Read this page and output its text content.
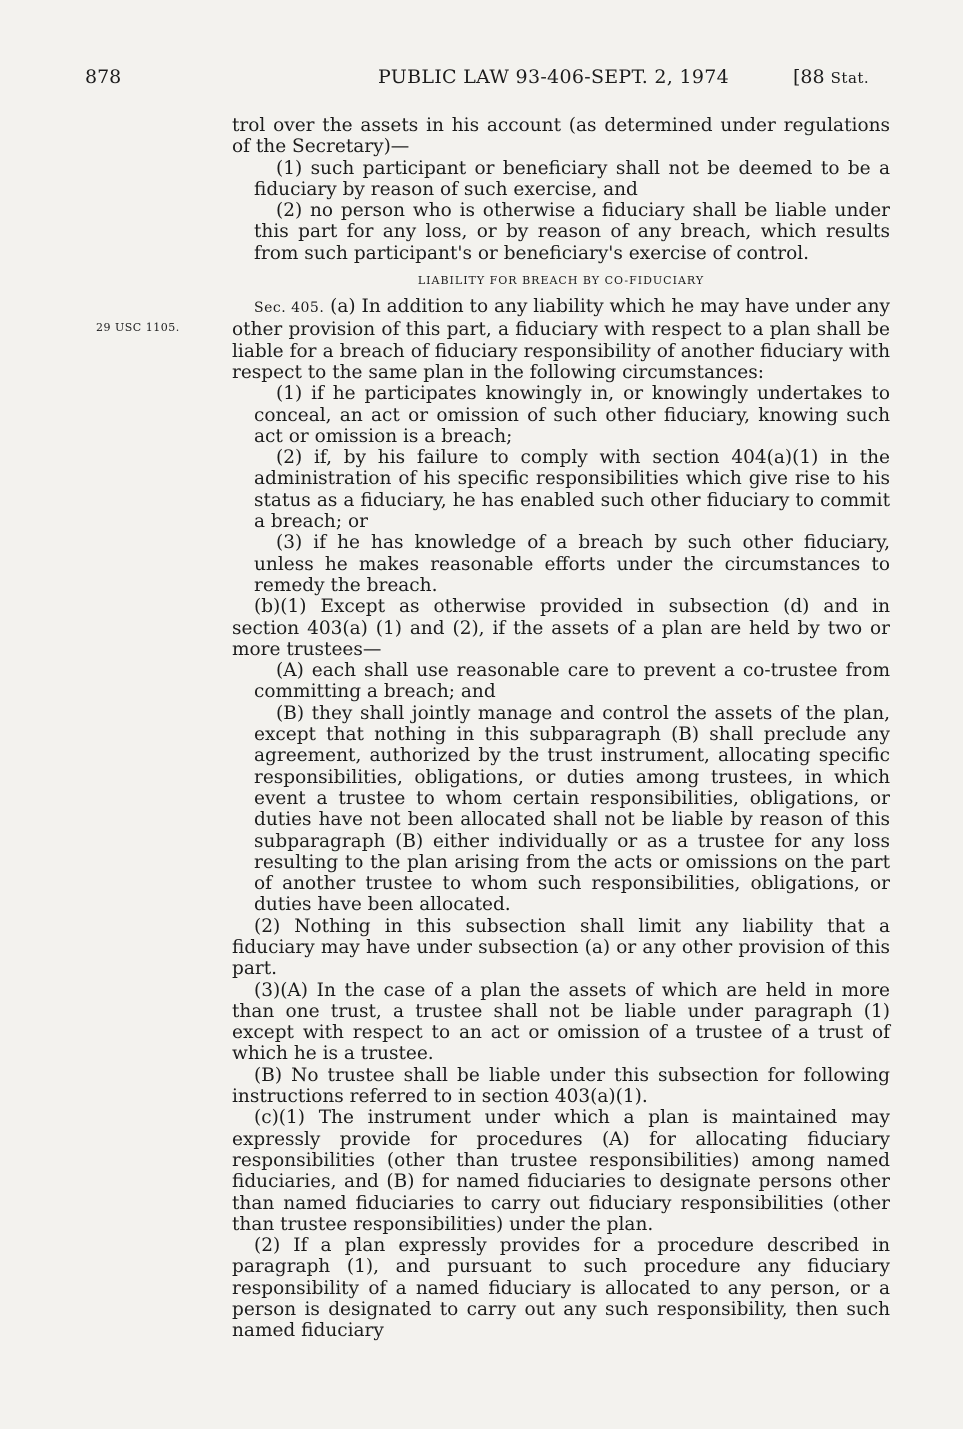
878	PUBLIC LAW 93-406-SEPT. 2, 1974	[88 Stat.
29 USC 1105.

trol over the assets in his account (as determined under regulations of the Secretary)—

(1) such participant or beneficiary shall not be deemed to be a fiduciary by reason of such exercise, and

(2) no person who is otherwise a fiduciary shall be liable under this part for any loss, or by reason of any breach, which results from such participant's or beneficiary's exercise of control.

LIABILITY FOR BREACH BY CO-FIDUCIARY

Sec. 405. (a) In addition to any liability which he may have under any other provision of this part, a fiduciary with respect to a plan shall be liable for a breach of fiduciary responsibility of another fiduciary with respect to the same plan in the following circumstances:

(1) if he participates knowingly in, or knowingly undertakes to conceal, an act or omission of such other fiduciary, knowing such act or omission is a breach;

(2) if, by his failure to comply with section 404(a)(1) in the administration of his specific responsibilities which give rise to his status as a fiduciary, he has enabled such other fiduciary to commit a breach; or

(3) if he has knowledge of a breach by such other fiduciary, unless he makes reasonable efforts under the circumstances to remedy the breach.

(b)(1) Except as otherwise provided in subsection (d) and in section 403(a) (1) and (2), if the assets of a plan are held by two or more trustees—

(A) each shall use reasonable care to prevent a co-trustee from committing a breach; and

(B) they shall jointly manage and control the assets of the plan, except that nothing in this subparagraph (B) shall preclude any agreement, authorized by the trust instrument, allocating specific responsibilities, obligations, or duties among trustees, in which event a trustee to whom certain responsibilities, obligations, or duties have not been allocated shall not be liable by reason of this subparagraph (B) either individually or as a trustee for any loss resulting to the plan arising from the acts or omissions on the part of another trustee to whom such responsibilities, obligations, or duties have been allocated.

(2) Nothing in this subsection shall limit any liability that a fiduciary may have under subsection (a) or any other provision of this part.

(3)(A) In the case of a plan the assets of which are held in more than one trust, a trustee shall not be liable under paragraph (1) except with respect to an act or omission of a trustee of a trust of which he is a trustee.

(B) No trustee shall be liable under this subsection for following instructions referred to in section 403(a)(1).

(c)(1) The instrument under which a plan is maintained may expressly provide for procedures (A) for allocating fiduciary responsibilities (other than trustee responsibilities) among named fiduciaries, and (B) for named fiduciaries to designate persons other than named fiduciaries to carry out fiduciary responsibilities (other than trustee responsibilities) under the plan.

(2) If a plan expressly provides for a procedure described in paragraph (1), and pursuant to such procedure any fiduciary responsibility of a named fiduciary is allocated to any person, or a person is designated to carry out any such responsibility, then such named fiduciary
